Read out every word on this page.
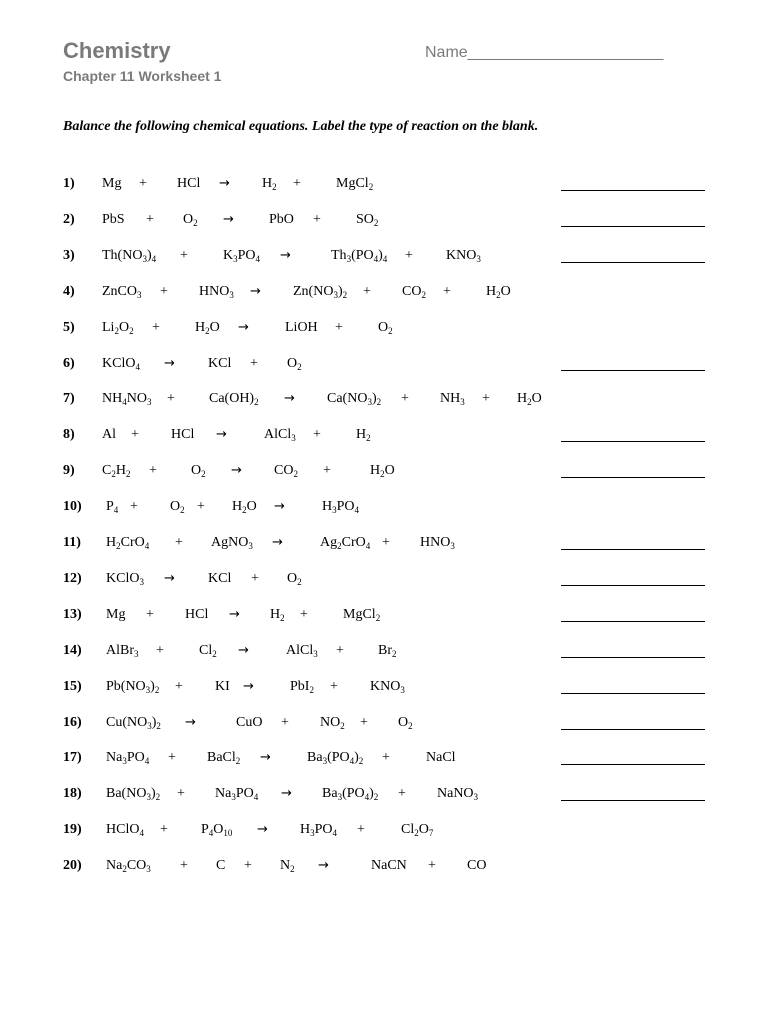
Chemistry	Name______________________
Chapter 11 Worksheet 1
Balance the following chemical equations. Label the type of reaction on the blank.
1) Mg + HCl → $H_2$ +	MgCl$_2$
2) PbS + $O_2$ →	PbO +	$SO_2$
3) $Th(NO_3)_4$ +	$K_3PO_4$ →	$Th_3(PO_4)_4 + KNO_3$
4) ZnCO$_3$ + $HNO_3 \to Zn(NO_3)_2 + CO_2$ +	$H_2O$
5) $Li_2O_2$ +	$H_2O$ →	LiOH +	$O_2$
6) KClO$_4$ → KCl + $O_2$
7) $NH_4NO_3 + Ca(OH)_2 \to Ca(NO_3)_2 + NH_3 + H_2O$
8) Al + HCl →	AlCl$_3$ +	$H_2$
9) $C_2H_2 + O_2 \to CO_2$ +	$H_2O$
10) $P_4 + O_2 + H_2O$ →	$H_3PO_4$
11) $H_2CrO_4$ + AgNO$_3$ →	$Ag_2CrO_4 + HNO_3$
12) KClO$_3$ → KCl + $O_2$
13) Mg + HCl → $H_2$ +	MgCl$_2$
14) AlBr$_3$ +	$Cl_2$ →	AlCl$_3$ + $Br_2$
15) $Pb(NO_3)_2$ + KI →	$PbI_2 + KNO_3$
16) $Cu(NO_3)_2$ →	CuO + $NO_2 + O_2$
17) $Na_3PO_4$ + BaCl$_2$ →	$Ba_3(PO_4)_2$ +	NaCl
18) $Ba(NO_3)_2 + Na_3PO_4 \to Ba_3(PO_4)_2$ + NaNO$_3$
19) HClO$_4$ + $P_4O_{10} \to H_3PO_4$ +	$Cl_2O_7$
20) $Na_2CO_3 + C + N_2$ →	NaCN + CO
